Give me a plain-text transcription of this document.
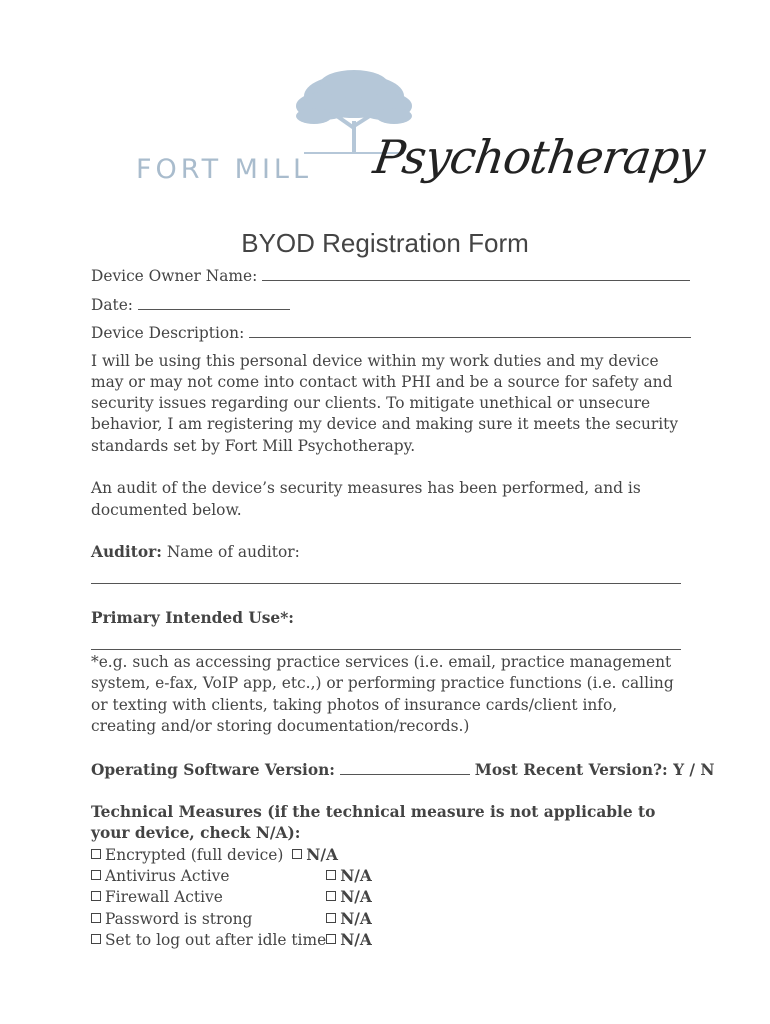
FORT MILL Psychotherapy
BYOD Registration Form
Device Owner Name:
Date:
Device Description:

I will be using this personal device within my work duties and my device may or may not come into contact with PHI and be a source for safety and security issues regarding our clients. To mitigate unethical or unsecure behavior, I am registering my device and making sure it meets the security standards set by Fort Mill Psychotherapy.

An audit of the device’s security measures has been performed, and is documented below.

Auditor: Name of auditor:
Primary Intended Use*:

*e.g. such as accessing practice services (i.e. email, practice management system, e-fax, VoIP app, etc.,) or performing practice functions (i.e. calling or texting with clients, taking photos of insurance cards/client info, creating and/or storing documentation/records.)

Operating Software Version:	Most Recent Version?: Y / N

Technical Measures (if the technical measure is not applicable to your device, check N/A):

Encrypted (full device) N/A	
Antivirus Active	N/A
Firewall Active	N/A
Password is strong	N/A
Set to log out after idle time	N/A
